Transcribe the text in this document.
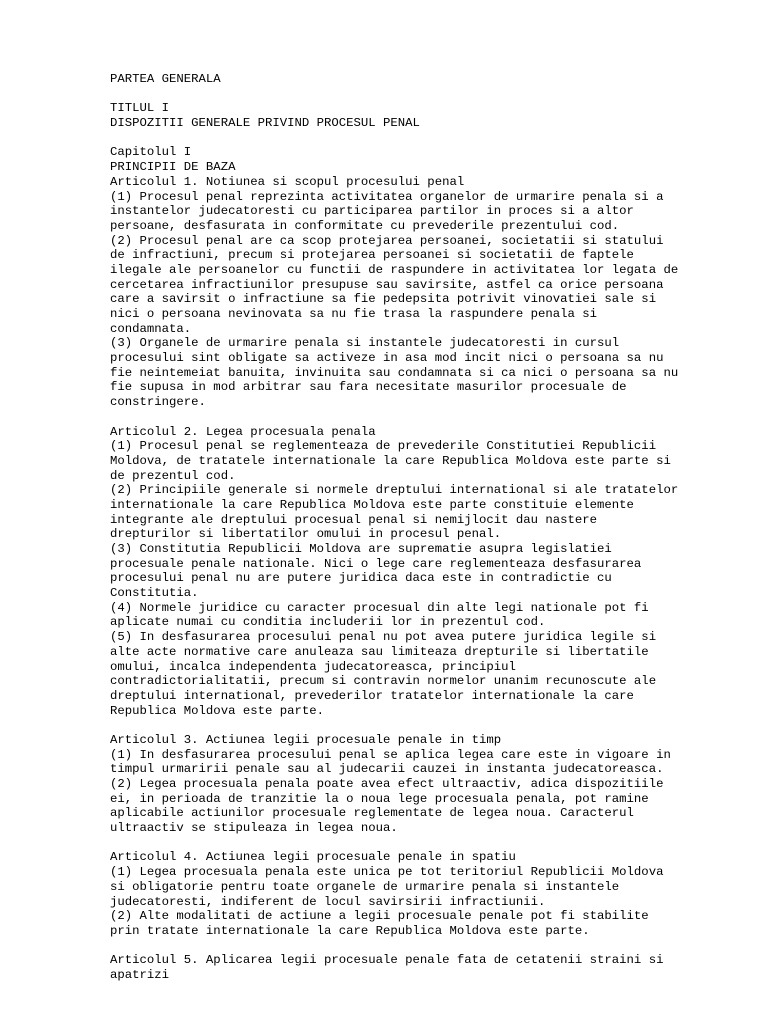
PARTEA GENERALA
TITLUL I
DISPOZITII GENERALE PRIVIND PROCESUL PENAL
Capitolul I
PRINCIPII DE BAZA
Articolul 1. Notiunea si scopul procesului penal
(1) Procesul penal reprezinta activitatea organelor de urmarire penala si a
instantelor judecatoresti cu participarea partilor in proces si a altor
persoane, desfasurata in conformitate cu prevederile prezentului cod.
(2) Procesul penal are ca scop protejarea persoanei, societatii si statului
de infractiuni, precum si protejarea persoanei si societatii de faptele
ilegale ale persoanelor cu functii de raspundere in activitatea lor legata de
cercetarea infractiunilor presupuse sau savirsite, astfel ca orice persoana
care a savirsit o infractiune sa fie pedepsita potrivit vinovatiei sale si
nici o persoana nevinovata sa nu fie trasa la raspundere penala si
condamnata.
(3) Organele de urmarire penala si instantele judecatoresti in cursul
procesului sint obligate sa activeze in asa mod incit nici o persoana sa nu
fie neintemeiat banuita, invinuita sau condamnata si ca nici o persoana sa nu
fie supusa in mod arbitrar sau fara necesitate masurilor procesuale de
constringere.
Articolul 2. Legea procesuala penala
(1) Procesul penal se reglementeaza de prevederile Constitutiei Republicii
Moldova, de tratatele internationale la care Republica Moldova este parte si
de prezentul cod.
(2) Principiile generale si normele dreptului international si ale tratatelor
internationale la care Republica Moldova este parte constituie elemente
integrante ale dreptului procesual penal si nemijlocit dau nastere
drepturilor si libertatilor omului in procesul penal.
(3) Constitutia Republicii Moldova are suprematie asupra legislatiei
procesuale penale nationale. Nici o lege care reglementeaza desfasurarea
procesului penal nu are putere juridica daca este in contradictie cu
Constitutia.
(4) Normele juridice cu caracter procesual din alte legi nationale pot fi
aplicate numai cu conditia includerii lor in prezentul cod.
(5) In desfasurarea procesului penal nu pot avea putere juridica legile si
alte acte normative care anuleaza sau limiteaza drepturile si libertatile
omului, incalca independenta judecatoreasca, principiul
contradictorialitatii, precum si contravin normelor unanim recunoscute ale
dreptului international, prevederilor tratatelor internationale la care
Republica Moldova este parte.
Articolul 3. Actiunea legii procesuale penale in timp
(1) In desfasurarea procesului penal se aplica legea care este in vigoare in
timpul urmaririi penale sau al judecarii cauzei in instanta judecatoreasca.
(2) Legea procesuala penala poate avea efect ultraactiv, adica dispozitiile
ei, in perioada de tranzitie la o noua lege procesuala penala, pot ramine
aplicabile actiunilor procesuale reglementate de legea noua. Caracterul
ultraactiv se stipuleaza in legea noua.
Articolul 4. Actiunea legii procesuale penale in spatiu
(1) Legea procesuala penala este unica pe tot teritoriul Republicii Moldova
si obligatorie pentru toate organele de urmarire penala si instantele
judecatoresti, indiferent de locul savirsirii infractiunii.
(2) Alte modalitati de actiune a legii procesuale penale pot fi stabilite
prin tratate internationale la care Republica Moldova este parte.
Articolul 5. Aplicarea legii procesuale penale fata de cetatenii straini si
apatrizi
